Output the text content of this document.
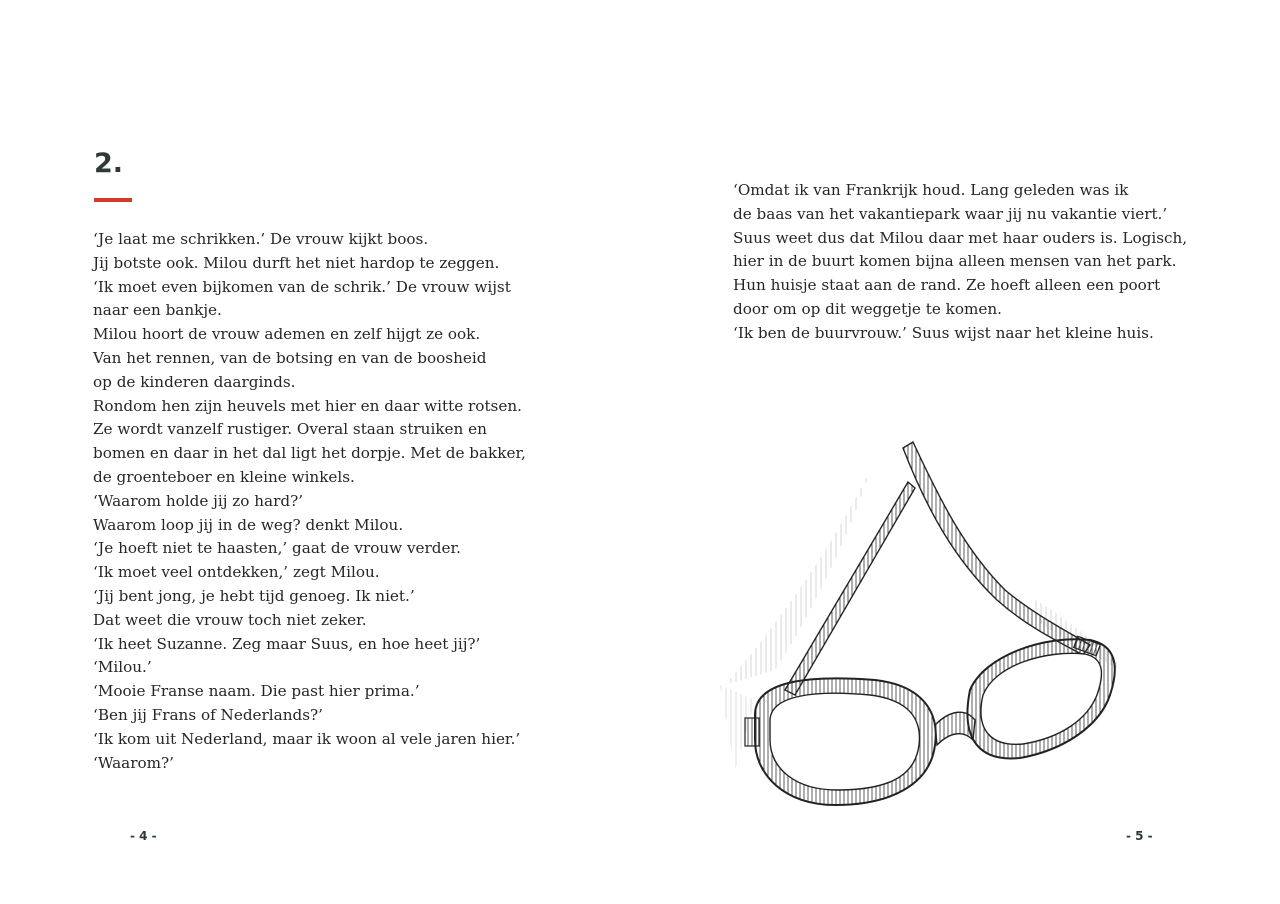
2.
‘Je laat me schrikken.’ De vrouw kijkt boos.
Jij botste ook. Milou durft het niet hardop te zeggen.
‘Ik moet even bijkomen van de schrik.’ De vrouw wijst
naar een bankje.
Milou hoort de vrouw ademen en zelf hijgt ze ook.
Van het rennen, van de botsing en van de boosheid
op de kinderen daarginds.
Rondom hen zijn heuvels met hier en daar witte rotsen.
Ze wordt vanzelf rustiger. Overal staan struiken en
bomen en daar in het dal ligt het dorpje. Met de bakker,
de groenteboer en kleine winkels.
‘Waarom holde jij zo hard?’
Waarom loop jij in de weg? denkt Milou.
‘Je hoeft niet te haasten,’ gaat de vrouw verder.
‘Ik moet veel ontdekken,’ zegt Milou.
‘Jij bent jong, je hebt tijd genoeg. Ik niet.’
Dat weet die vrouw toch niet zeker.
‘Ik heet Suzanne. Zeg maar Suus, en hoe heet jij?’
‘Milou.’
‘Mooie Franse naam. Die past hier prima.’
‘Ben jij Frans of Nederlands?’
‘Ik kom uit Nederland, maar ik woon al vele jaren hier.’
‘Waarom?’
- 4 -
‘Omdat ik van Frankrijk houd. Lang geleden was ik
de baas van het vakantiepark waar jij nu vakantie viert.’
Suus weet dus dat Milou daar met haar ouders is. Logisch,
hier in de buurt komen bijna alleen mensen van het park.
Hun huisje staat aan de rand. Ze hoeft alleen een poort
door om op dit weggetje te komen.
‘Ik ben de buurvrouw.’ Suus wijst naar het kleine huis.
- 5 -
